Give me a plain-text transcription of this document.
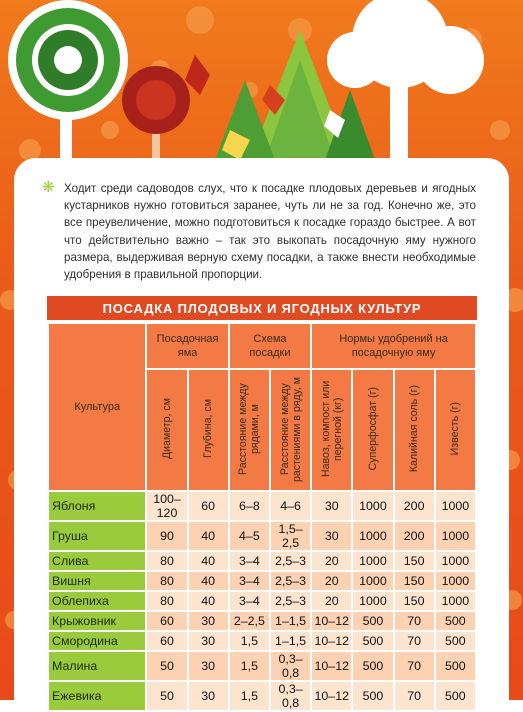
❋ Ходит среди садоводов слух, что к посадке плодовых деревьев и ягодных кустарников нужно готовиться заранее, чуть ли не за год. Конечно же, это все преувеличение, можно подготовиться к посадке гораздо быстрее. А вот что действительно важно – так это выкопать посадочную яму нужного размера, выдерживая верную схему посадки, а также внести необходимые удобрения в правильной пропорции.
ПОСАДКА ПЛОДОВЫХ И ЯГОДНЫХ КУЛЬТУР
Культура	Посадочная яма		Схема посадки		Нормы удобрений на посадочную яму			
	Диаметр, см	Глубина, см	Расстояние между рядами, м	Расстояние между растениями в ряду, м	Навоз, компост или перегной (кг)	Суперфосфат (г)	Калийная соль (г)	Известь (г)
Яблоня	100–120	60	6–8	4–6	30	1000	200	1000
Груша	90	40	4–5	1,5–2,5	30	1000	200	1000
Слива	80	40	3–4	2,5–3	20	1000	150	1000
Вишня	80	40	3–4	2,5–3	20	1000	150	1000
Облепиха	80	40	3–4	2,5–3	20	1000	150	1000
Крыжовник	60	30	2–2,5	1–1,5	10–12	500	70	500
Смородина	60	30	1,5	1–1,5	10–12	500	70	500
Малина	50	30	1,5	0,3–0,8	10–12	500	70	500
Ежевика	50	30	1,5	0,3–0,8	10–12	500	70	500
